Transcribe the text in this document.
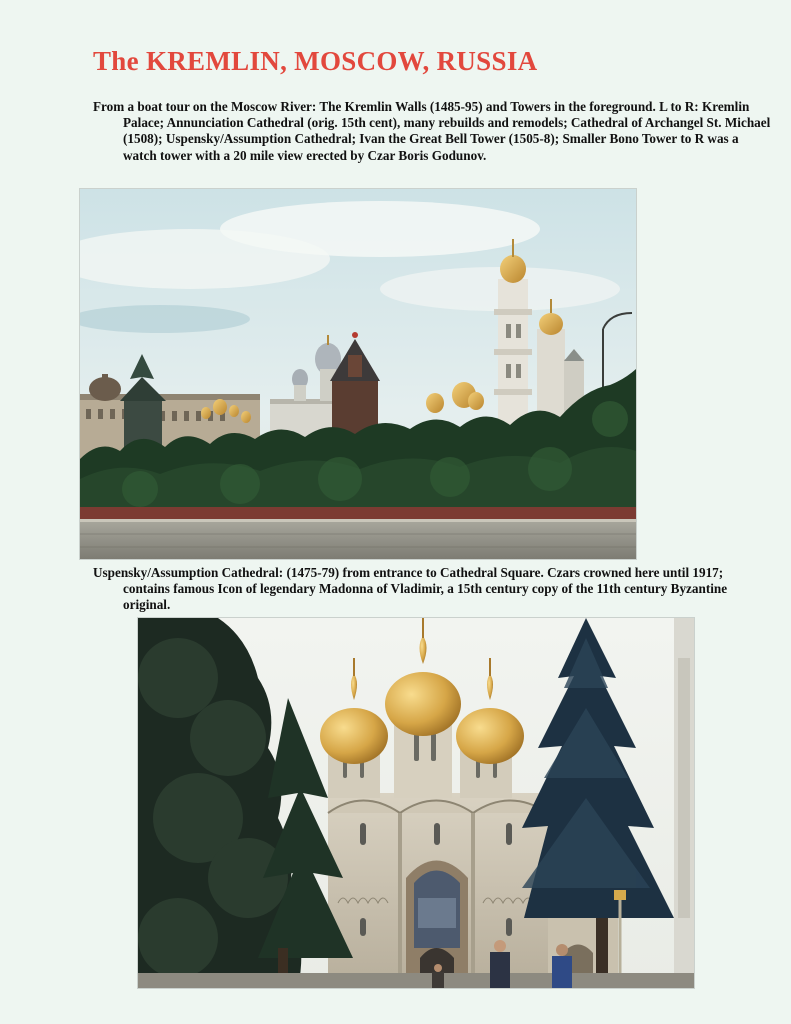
The KREMLIN, MOSCOW, RUSSIA

From a boat tour on the Moscow River: The Kremlin Walls (1485-95) and Towers in the foreground. L to R: Kremlin Palace; Annunciation Cathedral (orig. 15th cent), many rebuilds and remodels; Cathedral of Archangel St. Michael (1508); Uspensky/Assumption Cathedral; Ivan the Great Bell Tower (1505-8); Smaller Bono Tower to R was a watch tower with a 20 mile view erected by Czar Boris Godunov.

Uspensky/Assumption Cathedral: (1475-79) from entrance to Cathedral Square. Czars crowned here until 1917; contains famous Icon of legendary Madonna of Vladimir, a 15th century copy of the 11th century Byzantine original.
